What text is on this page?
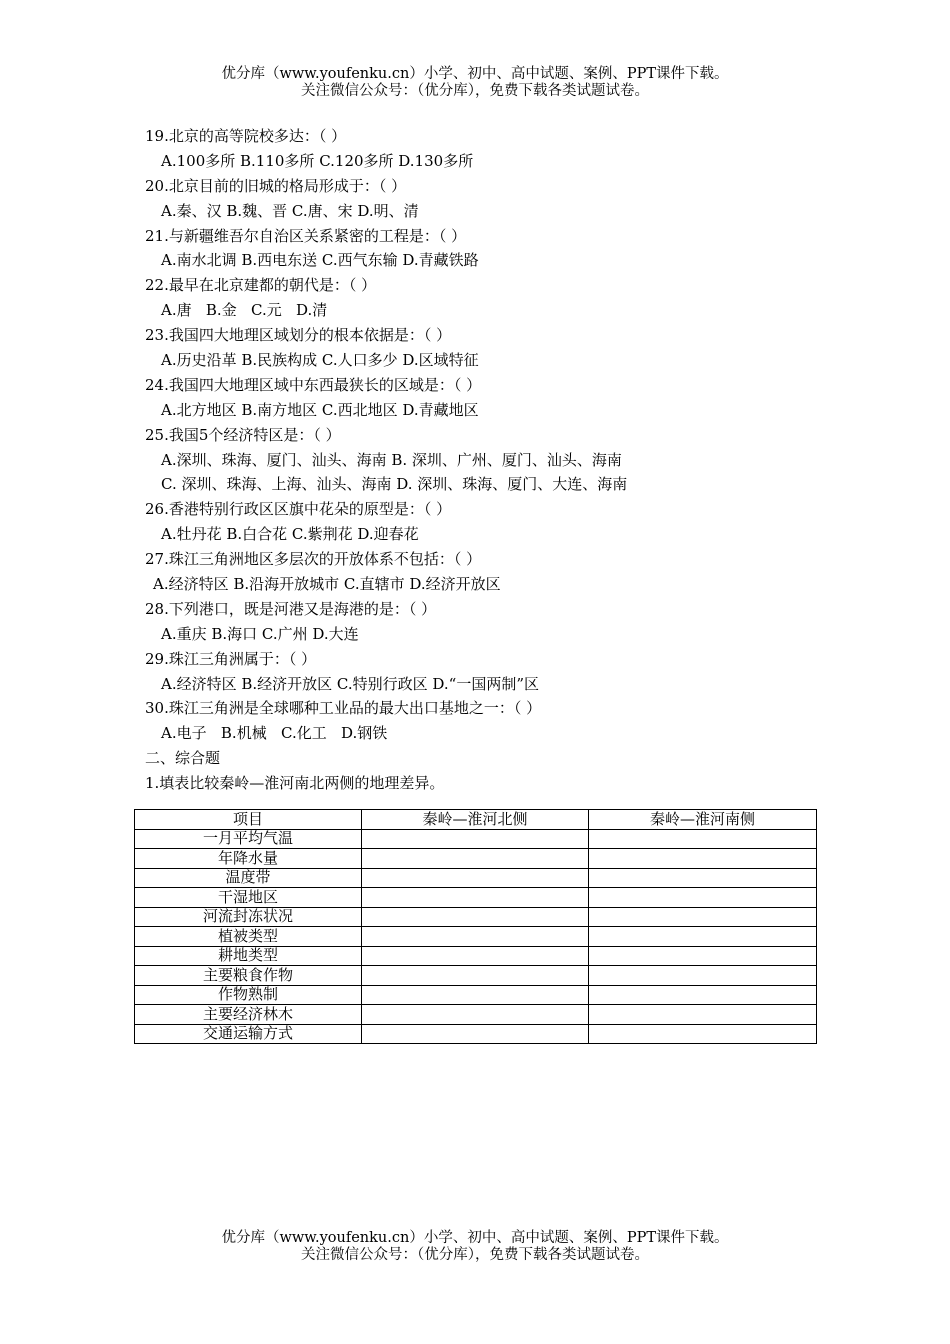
优分库（www.youfenku.cn）小学、初中、高中试题、案例、PPT课件下载。
关注微信公众号：（优分库），免费下载各类试题试卷。
19.北京的高等院校多达：（ ）
A.100多所 B.110多所 C.120多所 D.130多所
20.北京目前的旧城的格局形成于：（ ）
A.秦、汉 B.魏、晋 C.唐、宋 D.明、清
21.与新疆维吾尔自治区关系紧密的工程是：（ ）
A.南水北调 B.西电东送 C.西气东输 D.青藏铁路
22.最早在北京建都的朝代是：（ ）
A.唐   B.金   C.元   D.清
23.我国四大地理区域划分的根本依据是：（ ）
A.历史沿革 B.民族构成 C.人口多少 D.区域特征
24.我国四大地理区域中东西最狭长的区域是：（ ）
A.北方地区 B.南方地区 C.西北地区 D.青藏地区
25.我国5个经济特区是：（ ）
A.深圳、珠海、厦门、汕头、海南 B. 深圳、广州、厦门、汕头、海南
C. 深圳、珠海、上海、汕头、海南 D. 深圳、珠海、厦门、大连、海南
26.香港特别行政区区旗中花朵的原型是：（ ）
A.牡丹花 B.白合花 C.紫荆花 D.迎春花
27.珠江三角洲地区多层次的开放体系不包括：（ ）
A.经济特区 B.沿海开放城市 C.直辖市 D.经济开放区
28.下列港口，既是河港又是海港的是：（ ）
A.重庆 B.海口 C.广州 D.大连
29.珠江三角洲属于：（ ）
A.经济特区 B.经济开放区 C.特别行政区 D.“一国两制”区
30.珠江三角洲是全球哪种工业品的最大出口基地之一：（ ）
A.电子   B.机械   C.化工   D.钢铁
二、综合题
1.填表比较秦岭—淮河南北两侧的地理差异。
项目	秦岭—淮河北侧	秦岭—淮河南侧
一月平均气温		
年降水量		
温度带		
干湿地区		
河流封冻状况		
植被类型		
耕地类型		
主要粮食作物		
作物熟制		
主要经济林木		
交通运输方式		
优分库（www.youfenku.cn）小学、初中、高中试题、案例、PPT课件下载。
关注微信公众号：（优分库），免费下载各类试题试卷。
